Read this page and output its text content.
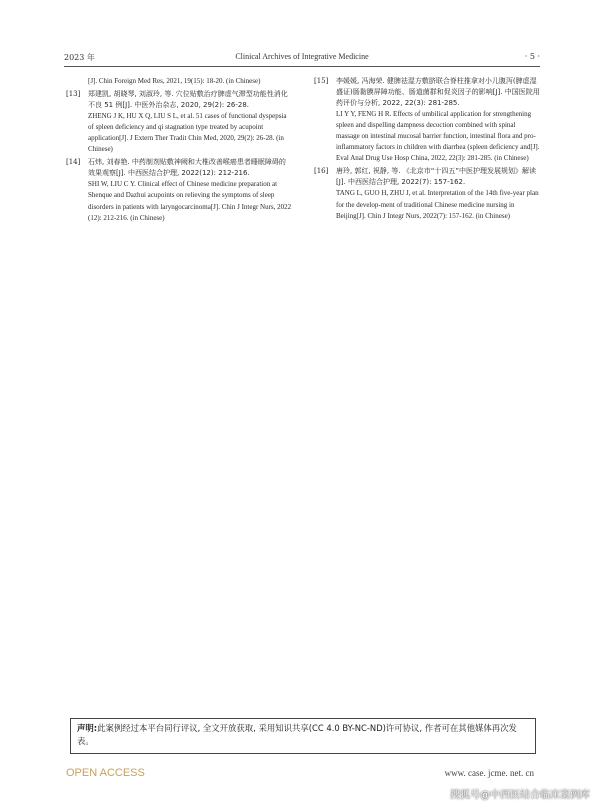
2023 年	Clinical Archives of Integrative Medicine	· 5 ·

[J]. Chin Foreign Med Res, 2021, 19(15): 18-20. (in Chinese)

[13] 郑建凯, 胡晓琴, 刘淑玲, 等. 穴位贴敷治疗脾虚气滞型功能性消化不良 51 例[J]. 中医外治杂志, 2020, 29(2): 26-28.

ZHENG J K, HU X Q, LIU S L, et al. 51 cases of functional dyspepsia of spleen deficiency and qi stagnation type treated by acupoint application[J]. J Extern Ther Tradit Chin Med, 2020, 29(2): 26-28. (in Chinese)

[14] 石炜, 刘春艳. 中药制剂贴敷神阙和大椎改善喉癌患者睡眠障碍的效果观察[J]. 中西医结合护理, 2022(12): 212-216.

SHI W, LIU C Y. Clinical effect of Chinese medicine preparation at Shenque and Dazhui acupoints on relieving the symptoms of sleep disorders in patients with laryngocarcinoma[J]. Chin J Integr Nurs, 2022 (12): 212-216. (in Chinese)

[15] 李媛媛, 冯海荣. 健脾祛湿方敷脐联合脊柱推拿对小儿腹泻(脾虚湿盛证)肠黏膜屏障功能、肠道菌群和促炎因子的影响[J]. 中国医院用药评价与分析, 2022, 22(3): 281-285.

LI Y Y, FENG H R. Effects of umbilical application for strengthening spleen and dispelling dampness decoction combined with spinal massage on intestinal mucosal barrier function, intestinal flora and pro-inflammatory factors in children with diarrhea (spleen deficiency and[J]. Eval Anal Drug Use Hosp China, 2022, 22(3): 281-285. (in Chinese)

[16] 唐玲, 郭红, 祝静, 等. 《北京市“十四五”中医护理发展规划》解读[J]. 中西医结合护理, 2022(7): 157-162.

TANG L, GUO H, ZHU J, et al. Interpretation of the 14th five-year plan for the develop-ment of traditional Chinese medicine nursing in Beijing[J]. Chin J Integr Nurs, 2022(7): 157-162. (in Chinese)

声明:此案例经过本平台同行评议, 全文开放获取, 采用知识共享(CC 4.0 BY-NC-ND)许可协议, 作者可在其他媒体再次发表。
OPEN ACCESS	www. case. jcme. net. cn
搜狐号@中西医结合临床案例库
